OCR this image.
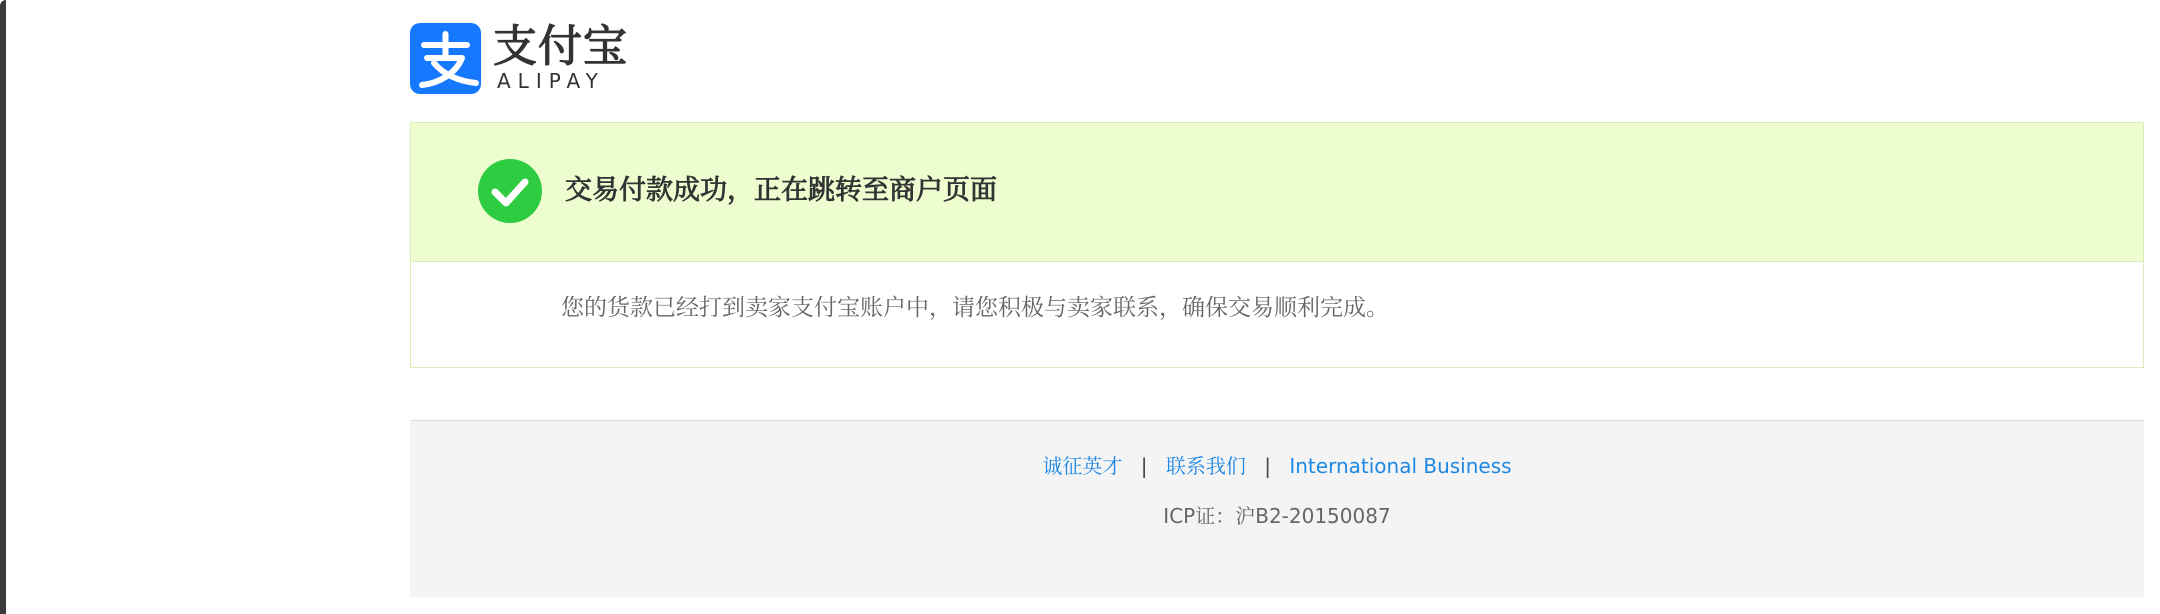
支付宝
ALIPAY
交易付款成功，正在跳转至商户页面
您的货款已经打到卖家支付宝账户中，请您积极与卖家联系，确保交易顺利完成。
诚征英才 | 联系我们 | International Business
ICP证：沪B2-20150087
